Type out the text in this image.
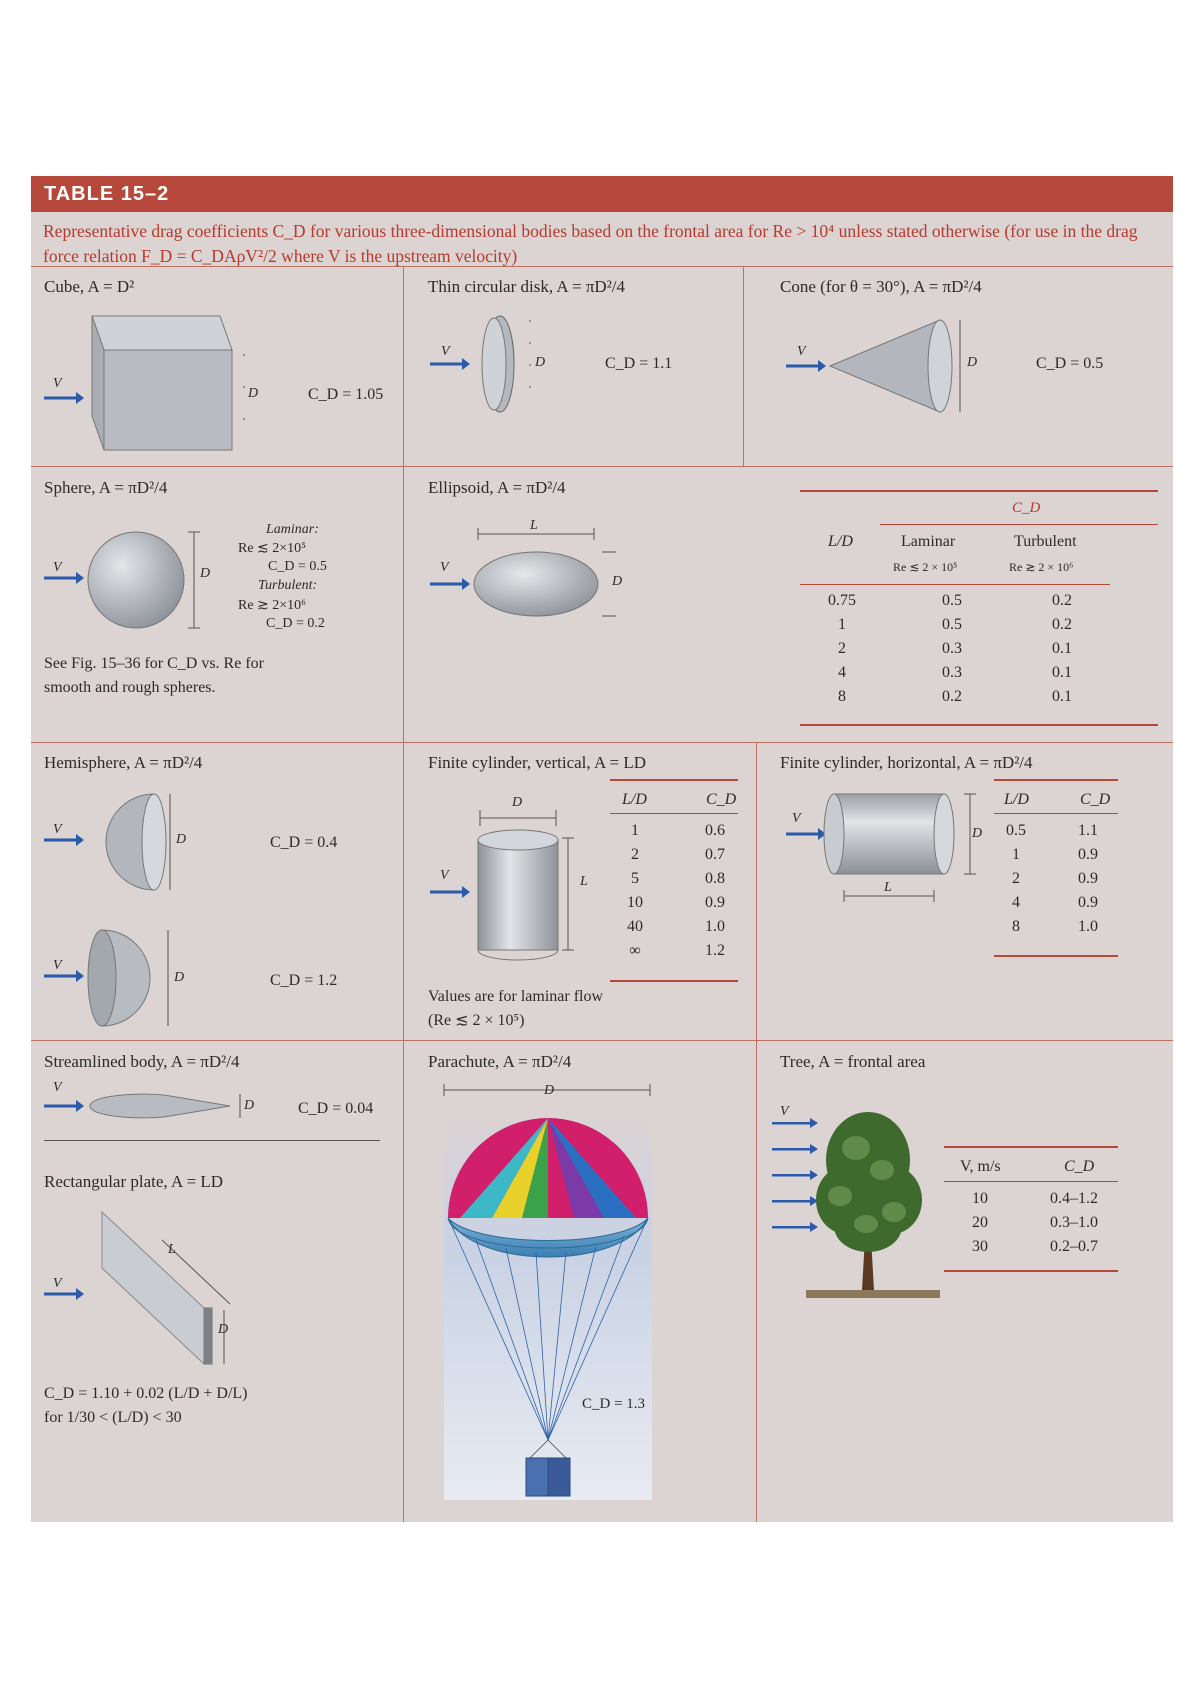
TABLE 15–2
Representative drag coefficients C_D for various three-dimensional bodies based on the frontal area for Re > 10⁴ unless stated otherwise (for use in the drag force relation F_D = C_DAρV²/2 where V is the upstream velocity)
Cube, A = D²
V
D	C_D = 1.05
Thin circular disk, A = πD²/4
V
D	C_D = 1.1
Cone (for θ = 30°), A = πD²/4
V
D	C_D = 0.5
Sphere, A = πD²/4
V	D
Laminar:
Re ≲ 2×10⁵
C_D = 0.5
Turbulent:
Re ≳ 2×10⁶
C_D = 0.2
See Fig. 15–36 for C_D vs. Re for
smooth and rough spheres.
Ellipsoid, A = πD²/4
L
V
D
C_D
L/D	Laminar	Turbulent
Re ≲ 2 × 10⁵	Re ≳ 2 × 10⁶
0.75	0.5	0.2
1	0.5	0.2
2	0.3	0.1
4	0.3	0.1
8	0.2	0.1
Hemisphere, A = πD²/4
V
D	C_D = 0.4
V
D	C_D = 1.2
Finite cylinder, vertical, A = LD
D
L
V
L/D	C_D
1	0.6
2	0.7
5	0.8
10	0.9
40	1.0
∞	1.2
Values are for laminar flow
(Re ≲ 2 × 10⁵)
Finite cylinder, horizontal, A = πD²/4
V
D
L
L/D	C_D
0.5	1.1
1	0.9
2	0.9
4	0.9
8	1.0
Streamlined body, A = πD²/4
V
D	C_D = 0.04
Rectangular plate, A = LD
V
L
D
C_D = 1.10 + 0.02 (L/D + D/L)
for 1/30 < (L/D) < 30
Parachute, A = πD²/4
D
C_D = 1.3
Tree, A = frontal area
V
V, m/s	C_D
10	0.4–1.2
20	0.3–1.0
30	0.2–0.7
